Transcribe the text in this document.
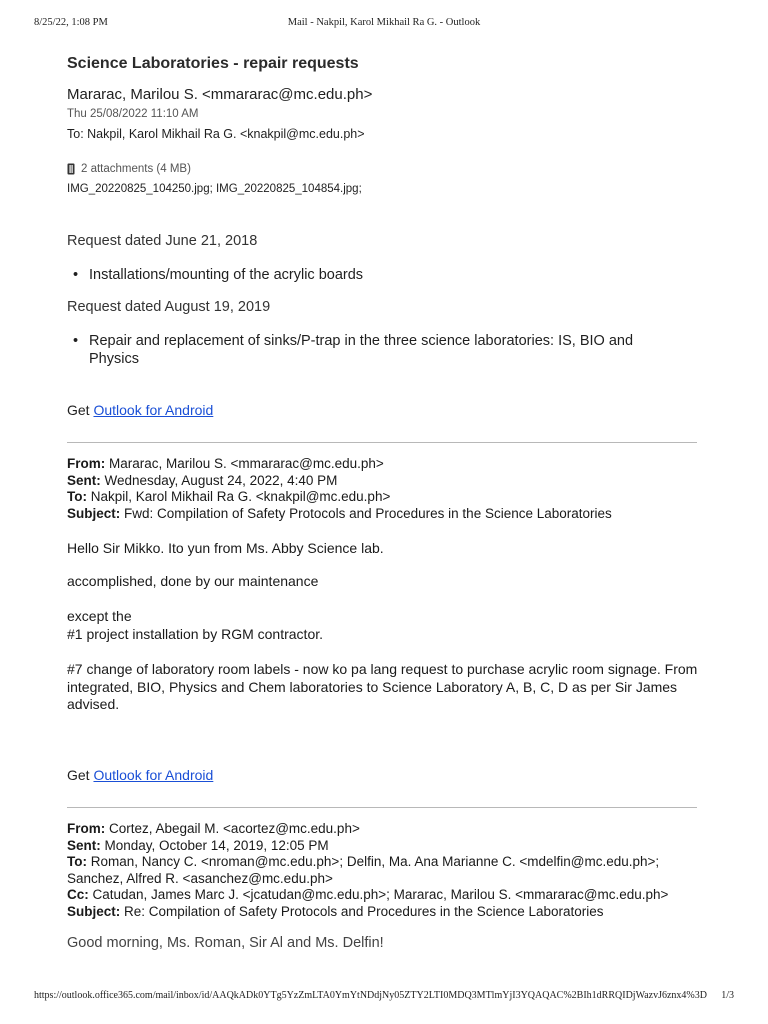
8/25/22, 1:08 PM	Mail - Nakpil, Karol Mikhail Ra G. - Outlook
Science Laboratories - repair requests
Mararac, Marilou S. <mmararac@mc.edu.ph>
Thu 25/08/2022 11:10 AM
To: Nakpil, Karol Mikhail Ra G. <knakpil@mc.edu.ph>
2 attachments (4 MB)
IMG_20220825_104250.jpg; IMG_20220825_104854.jpg;
Request dated June 21, 2018
• Installations/mounting of the acrylic boards
Request dated August 19, 2019
• Repair and replacement of sinks/P-trap in the three science laboratories: IS, BIO and Physics
Get Outlook for Android
From: Mararac, Marilou S. <mmararac@mc.edu.ph>
Sent: Wednesday, August 24, 2022, 4:40 PM
To: Nakpil, Karol Mikhail Ra G. <knakpil@mc.edu.ph>
Subject: Fwd: Compilation of Safety Protocols and Procedures in the Science Laboratories
Hello Sir Mikko. Ito yun from Ms. Abby Science lab.
accomplished, done by our maintenance
except the
#1 project installation by RGM contractor.
#7 change of laboratory room labels - now ko pa lang request to purchase acrylic room signage. From integrated, BIO, Physics and Chem laboratories to Science Laboratory A, B, C, D as per Sir James advised.
Get Outlook for Android
From: Cortez, Abegail M. <acortez@mc.edu.ph>
Sent: Monday, October 14, 2019, 12:05 PM
To: Roman, Nancy C. <nroman@mc.edu.ph>; Delfin, Ma. Ana Marianne C. <mdelfin@mc.edu.ph>; Sanchez, Alfred R. <asanchez@mc.edu.ph>
Cc: Catudan, James Marc J. <jcatudan@mc.edu.ph>; Mararac, Marilou S. <mmararac@mc.edu.ph>
Subject: Re: Compilation of Safety Protocols and Procedures in the Science Laboratories
Good morning, Ms. Roman, Sir Al and Ms. Delfin!
https://outlook.office365.com/mail/inbox/id/AAQkADk0YTg5YzZmLTA0YmYtNDdjNy05ZTY2LTI0MDQ3MTlmYjI3YQAQAC%2BIh1dRRQIDjWazvJ6znx4%3D 1/3
